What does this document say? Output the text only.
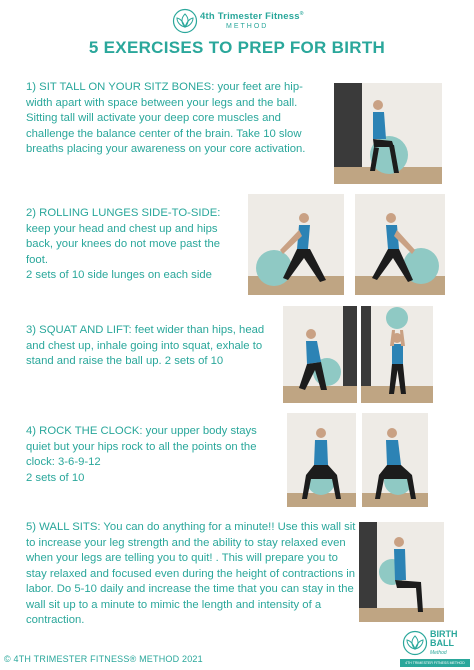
4th Trimester Fitness®
METHOD
5 EXERCISES TO PREP FOR BIRTH

1) SIT TALL ON YOUR SITZ BONES: your feet are hip-width apart with space between your legs and the ball. Sitting tall will activate your deep core muscles and challenge the balance center of the brain. Take 10 slow breaths placing your awareness on your core activation.

2) ROLLING LUNGES SIDE-TO-SIDE: keep your head and chest up and hips back, your knees do not move past the foot.
2 sets of 10 side lunges on each side

3) SQUAT AND LIFT: feet wider than hips, head and chest up, inhale going into squat, exhale to stand and raise the ball up. 2 sets of 10

4) ROCK THE CLOCK: your upper body stays quiet but your hips rock to all the points on the clock: 3-6-9-12
2 sets of 10

5) WALL SITS: You can do anything for a minute!! Use this wall sit to increase your leg strength and the ability to stay relaxed even when your legs are telling you to quit! . This will prepare you to stay relaxed and focused even during the height of contractions in labor. Do 5-10 daily and increase the time that you can stay in the wall sit up to a minute to mimic the length and intensity of a contraction.

© 4TH TRIMESTER FITNESS® METHOD 2021
BIRTH
BALL
Method
4TH TRIMESTER FITNESS METHOD
